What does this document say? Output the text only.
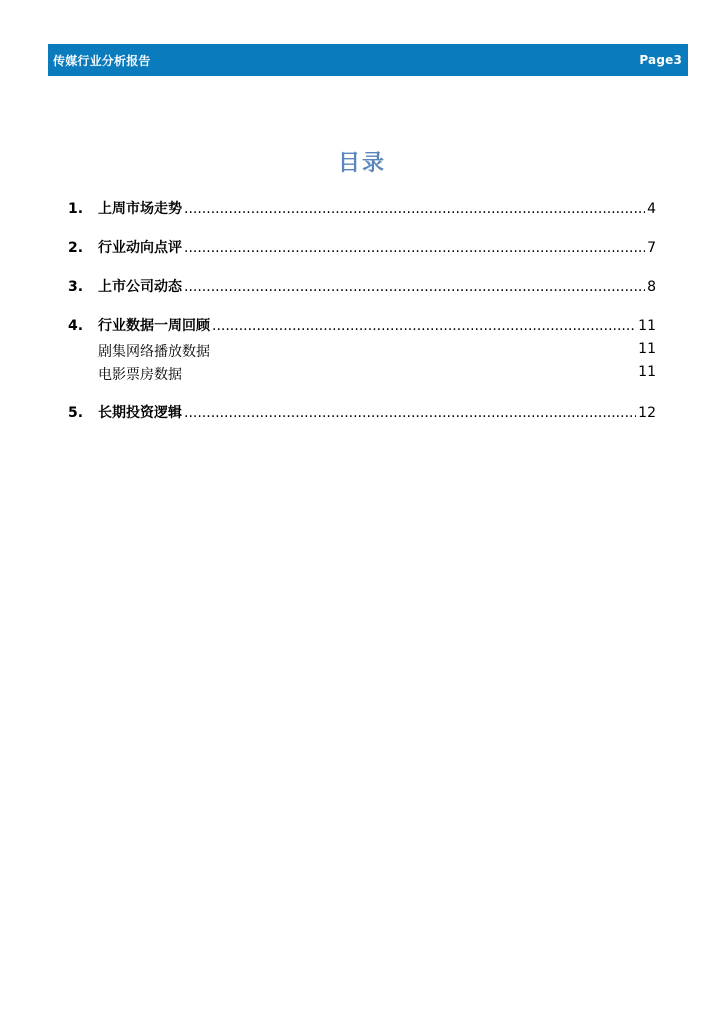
传媒行业分析报告	Page3
目录
1.	上周市场走势 .....	4
2.	行业动向点评 .....	7
3.	上市公司动态 .....	8
4.	行业数据一周回顾 .....	11
剧集网络播放数据	11
电影票房数据	11
5.	长期投资逻辑 .....	12
